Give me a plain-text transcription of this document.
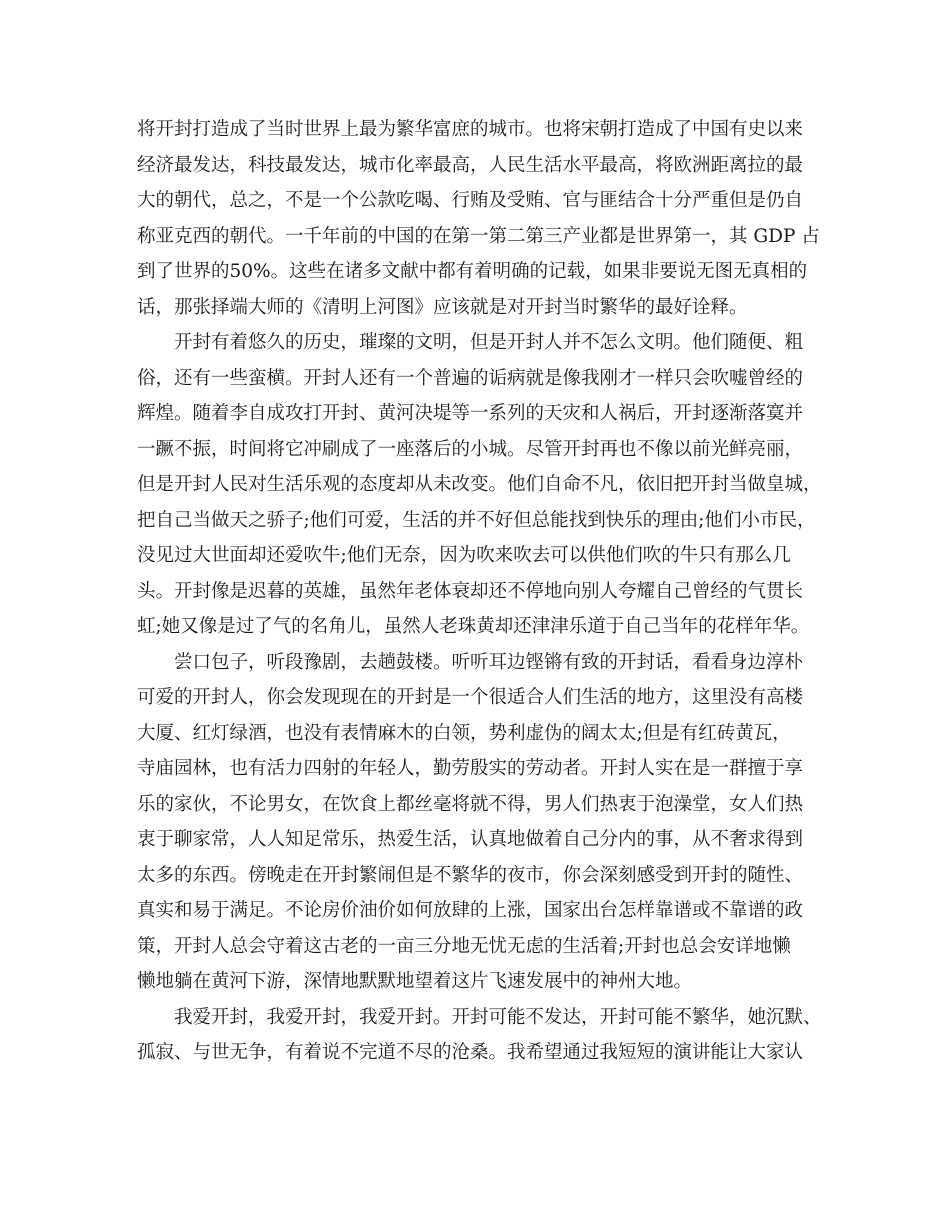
将开封打造成了当时世界上最为繁华富庶的城市。也将宋朝打造成了中国有史以来
经济最发达，科技最发达，城市化率最高，人民生活水平最高，将欧洲距离拉的最
大的朝代，总之，不是一个公款吃喝、行贿及受贿、官与匪结合十分严重但是仍自
称亚克西的朝代。一千年前的中国的在第一第二第三产业都是世界第一，其 GDP 占
到了世界的50%。这些在诸多文献中都有着明确的记载，如果非要说无图无真相的
话，那张择端大师的《清明上河图》应该就是对开封当时繁华的最好诠释。
开封有着悠久的历史，璀璨的文明，但是开封人并不怎么文明。他们随便、粗
俗，还有一些蛮横。开封人还有一个普遍的诟病就是像我刚才一样只会吹嘘曾经的
辉煌。随着李自成攻打开封、黄河决堤等一系列的天灾和人祸后，开封逐渐落寞并
一蹶不振，时间将它冲刷成了一座落后的小城。尽管开封再也不像以前光鲜亮丽，
但是开封人民对生活乐观的态度却从未改变。他们自命不凡，依旧把开封当做皇城，
把自己当做天之骄子;他们可爱，生活的并不好但总能找到快乐的理由;他们小市民，
没见过大世面却还爱吹牛;他们无奈，因为吹来吹去可以供他们吹的牛只有那么几
头。开封像是迟暮的英雄，虽然年老体衰却还不停地向别人夸耀自己曾经的气贯长
虹;她又像是过了气的名角儿，虽然人老珠黄却还津津乐道于自己当年的花样年华。
尝口包子，听段豫剧，去趟鼓楼。听听耳边铿锵有致的开封话，看看身边淳朴
可爱的开封人，你会发现现在的开封是一个很适合人们生活的地方，这里没有高楼
大厦、红灯绿酒，也没有表情麻木的白领，势利虚伪的阔太太;但是有红砖黄瓦，
寺庙园林，也有活力四射的年轻人，勤劳殷实的劳动者。开封人实在是一群擅于享
乐的家伙，不论男女，在饮食上都丝毫将就不得，男人们热衷于泡澡堂，女人们热
衷于聊家常，人人知足常乐，热爱生活，认真地做着自己分内的事，从不奢求得到
太多的东西。傍晚走在开封繁闹但是不繁华的夜市，你会深刻感受到开封的随性、
真实和易于满足。不论房价油价如何放肆的上涨，国家出台怎样靠谱或不靠谱的政
策，开封人总会守着这古老的一亩三分地无忧无虑的生活着;开封也总会安详地懒
懒地躺在黄河下游，深情地默默地望着这片飞速发展中的神州大地。
我爱开封，我爱开封，我爱开封。开封可能不发达，开封可能不繁华，她沉默、
孤寂、与世无争，有着说不完道不尽的沧桑。我希望通过我短短的演讲能让大家认
